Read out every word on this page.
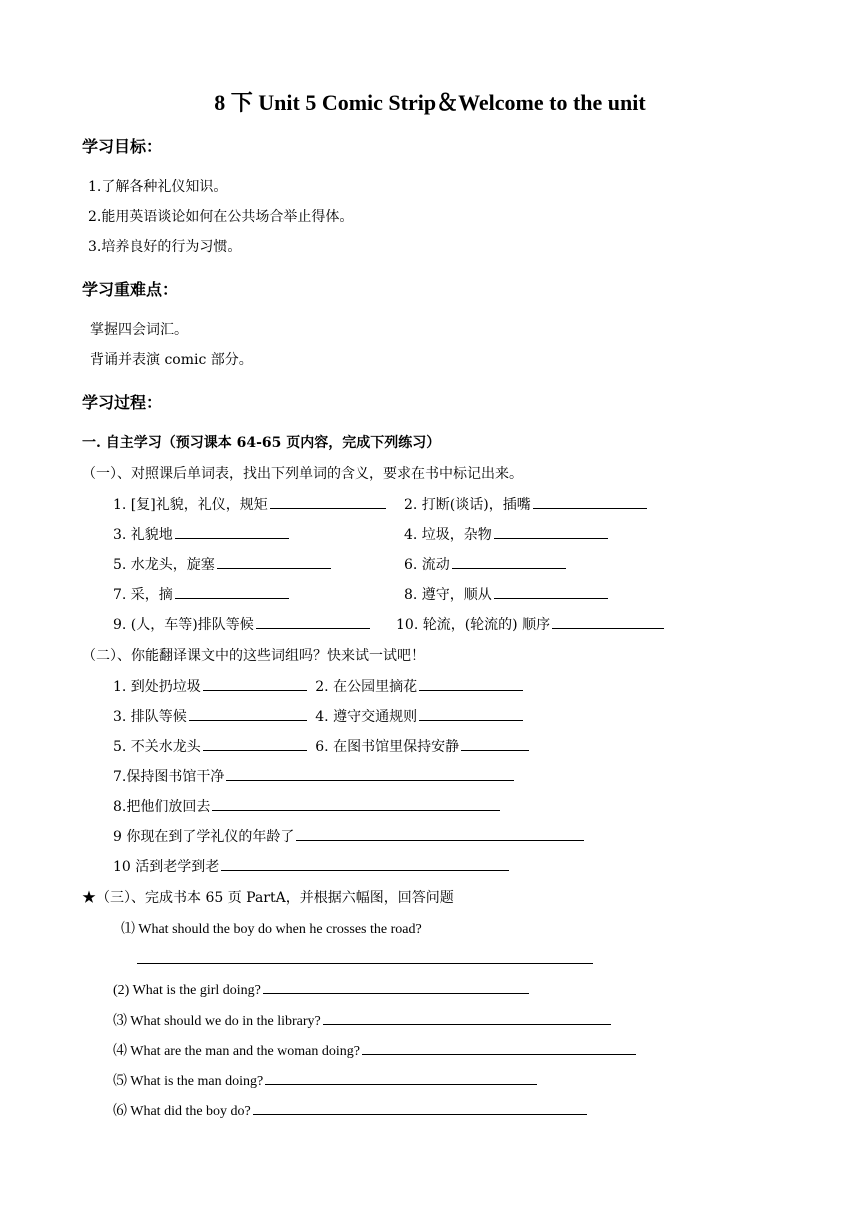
8 下 Unit 5 Comic Strip＆Welcome to the unit
学习目标：
1.了解各种礼仪知识。
2.能用英语谈论如何在公共场合举止得体。
3.培养良好的行为习惯。
学习重难点：
掌握四会词汇。
背诵并表演 comic 部分。
学习过程：
一. 自主学习（预习课本 64-65 页内容，完成下列练习）
（一）、对照课后单词表，找出下列单词的含义，要求在书中标记出来。
1. [复]礼貌，礼仪，规矩	2. 打断(谈话)，插嘴
3. 礼貌地	4. 垃圾，杂物
5. 水龙头，旋塞	6. 流动
7. 采，摘	8. 遵守，顺从
9. (人，车等)排队等候	10. 轮流，(轮流的) 顺序
（二）、你能翻译课文中的这些词组吗？快来试一试吧！
1. 到处扔垃圾	2. 在公园里摘花
3. 排队等候	4. 遵守交通规则
5. 不关水龙头	6. 在图书馆里保持安静
7.保持图书馆干净
8.把他们放回去
9 你现在到了学礼仪的年龄了
10 活到老学到老
★（三）、完成书本 65 页 PartA，并根据六幅图，回答问题
⑴ What should the boy do when he crosses the road?
(2) What is the girl doing?
⑶ What should we do in the library?
⑷ What are the man and the woman doing?
⑸ What is the man doing?
⑹ What did the boy do?
